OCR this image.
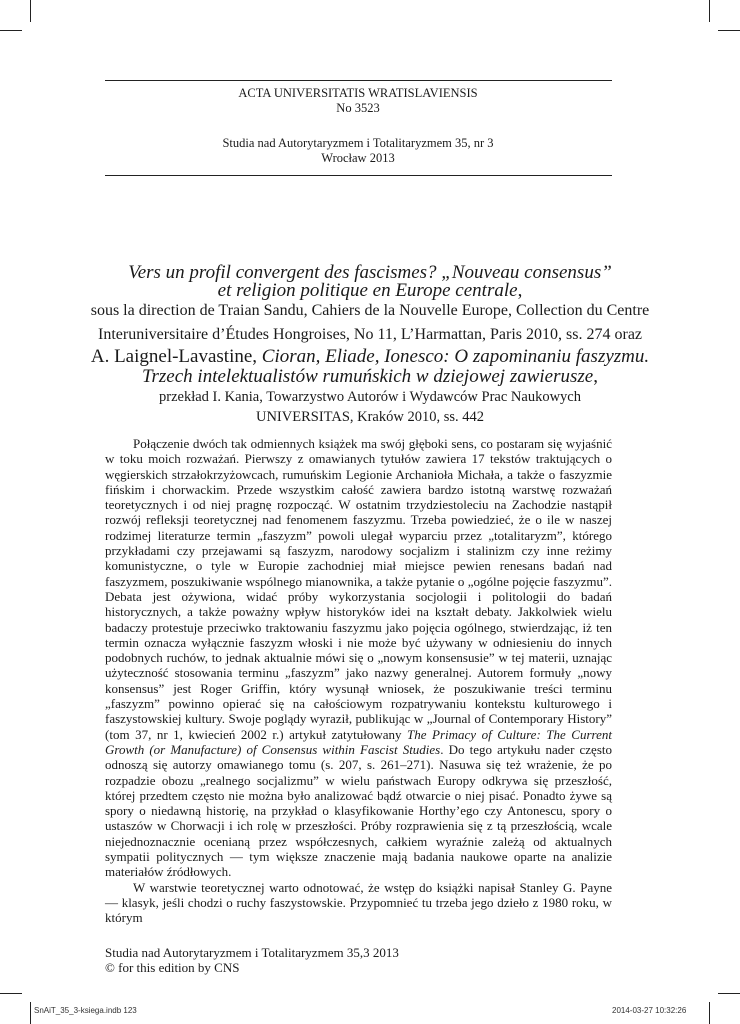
ACTA UNIVERSITATIS WRATISLAVIENSIS
No 3523
Studia nad Autorytaryzmem i Totalitaryzmem 35, nr 3
Wrocław 2013
Vers un profil convergent des fascismes? „Nouveau consensus”
et religion politique en Europe centrale,
sous la direction de Traian Sandu, Cahiers de la Nouvelle Europe, Collection du Centre
Interuniversitaire d’Études Hongroises, No 11, L’Harmattan, Paris 2010, ss. 274 oraz
A. Laignel-Lavastine, Cioran, Eliade, Ionesco: O zapominaniu faszyzmu.
Trzech intelektualistów rumuńskich w dziejowej zawierusze,
przekład I. Kania, Towarzystwo Autorów i Wydawców Prac Naukowych
UNIVERSITAS, Kraków 2010, ss. 442

Połączenie dwóch tak odmiennych książek ma swój głęboki sens, co postaram się wyjaśnić w toku moich rozważań. Pierwszy z omawianych tytułów zawiera 17 tekstów traktujących o węgierskich strzałokrzyżowcach, rumuńskim Legionie Archanioła Michała, a także o faszyzmie fińskim i chorwackim. Przede wszystkim całość zawiera bardzo istotną warstwę rozważań teoretycznych i od niej pragnę rozpocząć. W ostatnim trzydziestoleciu na Zachodzie nastąpił rozwój refleksji teoretycznej nad fenomenem faszyzmu. Trzeba powiedzieć, że o ile w naszej rodzimej literaturze termin „faszyzm” powoli ulegał wyparciu przez „totalitaryzm”, którego przykładami czy przejawami są faszyzm, narodowy socjalizm i stalinizm czy inne reżimy komunistyczne, o tyle w Europie zachodniej miał miejsce pewien renesans badań nad faszyzmem, poszukiwanie wspólnego mianownika, a także pytanie o „ogólne pojęcie faszyzmu”. Debata jest ożywiona, widać próby wykorzystania socjologii i politologii do badań historycznych, a także poważny wpływ historyków idei na kształt debaty. Jakkolwiek wielu badaczy protestuje przeciwko traktowaniu faszyzmu jako pojęcia ogólnego, stwierdzając, iż ten termin oznacza wyłącznie faszyzm włoski i nie może być używany w odniesieniu do innych podobnych ruchów, to jednak aktualnie mówi się o „nowym konsensusie” w tej materii, uznając użyteczność stosowania terminu „faszyzm” jako nazwy generalnej. Autorem formuły „nowy konsensus” jest Roger Griffin, który wysunął wniosek, że poszukiwanie treści terminu „faszyzm” powinno opierać się na całościowym rozpatrywaniu kontekstu kulturowego i faszystowskiej kultury. Swoje poglądy wyraził, publikując w „Journal of Contemporary History” (tom 37, nr 1, kwiecień 2002 r.) artykuł zatytułowany The Primacy of Culture: The Current Growth (or Manufacture) of Consensus within Fascist Studies. Do tego artykułu nader często odnoszą się autorzy omawianego tomu (s. 207, s. 261–271). Nasuwa się też wrażenie, że po rozpadzie obozu „realnego socjalizmu” w wielu państwach Europy odkrywa się przeszłość, której przedtem często nie można było analizować bądź otwarcie o niej pisać. Ponadto żywe są spory o niedawną historię, na przykład o klasyfikowanie Horthy’ego czy Antonescu, spory o ustaszów w Chorwacji i ich rolę w przeszłości. Próby rozprawienia się z tą przeszłością, wcale niejednoznacznie ocenianą przez współczesnych, całkiem wyraźnie zależą od aktualnych sympatii politycznych — tym większe znaczenie mają badania naukowe oparte na analizie materiałów źródłowych.

W warstwie teoretycznej warto odnotować, że wstęp do książki napisał Stanley G. Payne — klasyk, jeśli chodzi o ruchy faszystowskie. Przypomnieć tu trzeba jego dzieło z 1980 roku, w którym

Studia nad Autorytaryzmem i Totalitaryzmem 35,3 2013
© for this edition by CNS
SnAiT_35_3-ksiega.indb 123	2014-03-27 10:32:26
